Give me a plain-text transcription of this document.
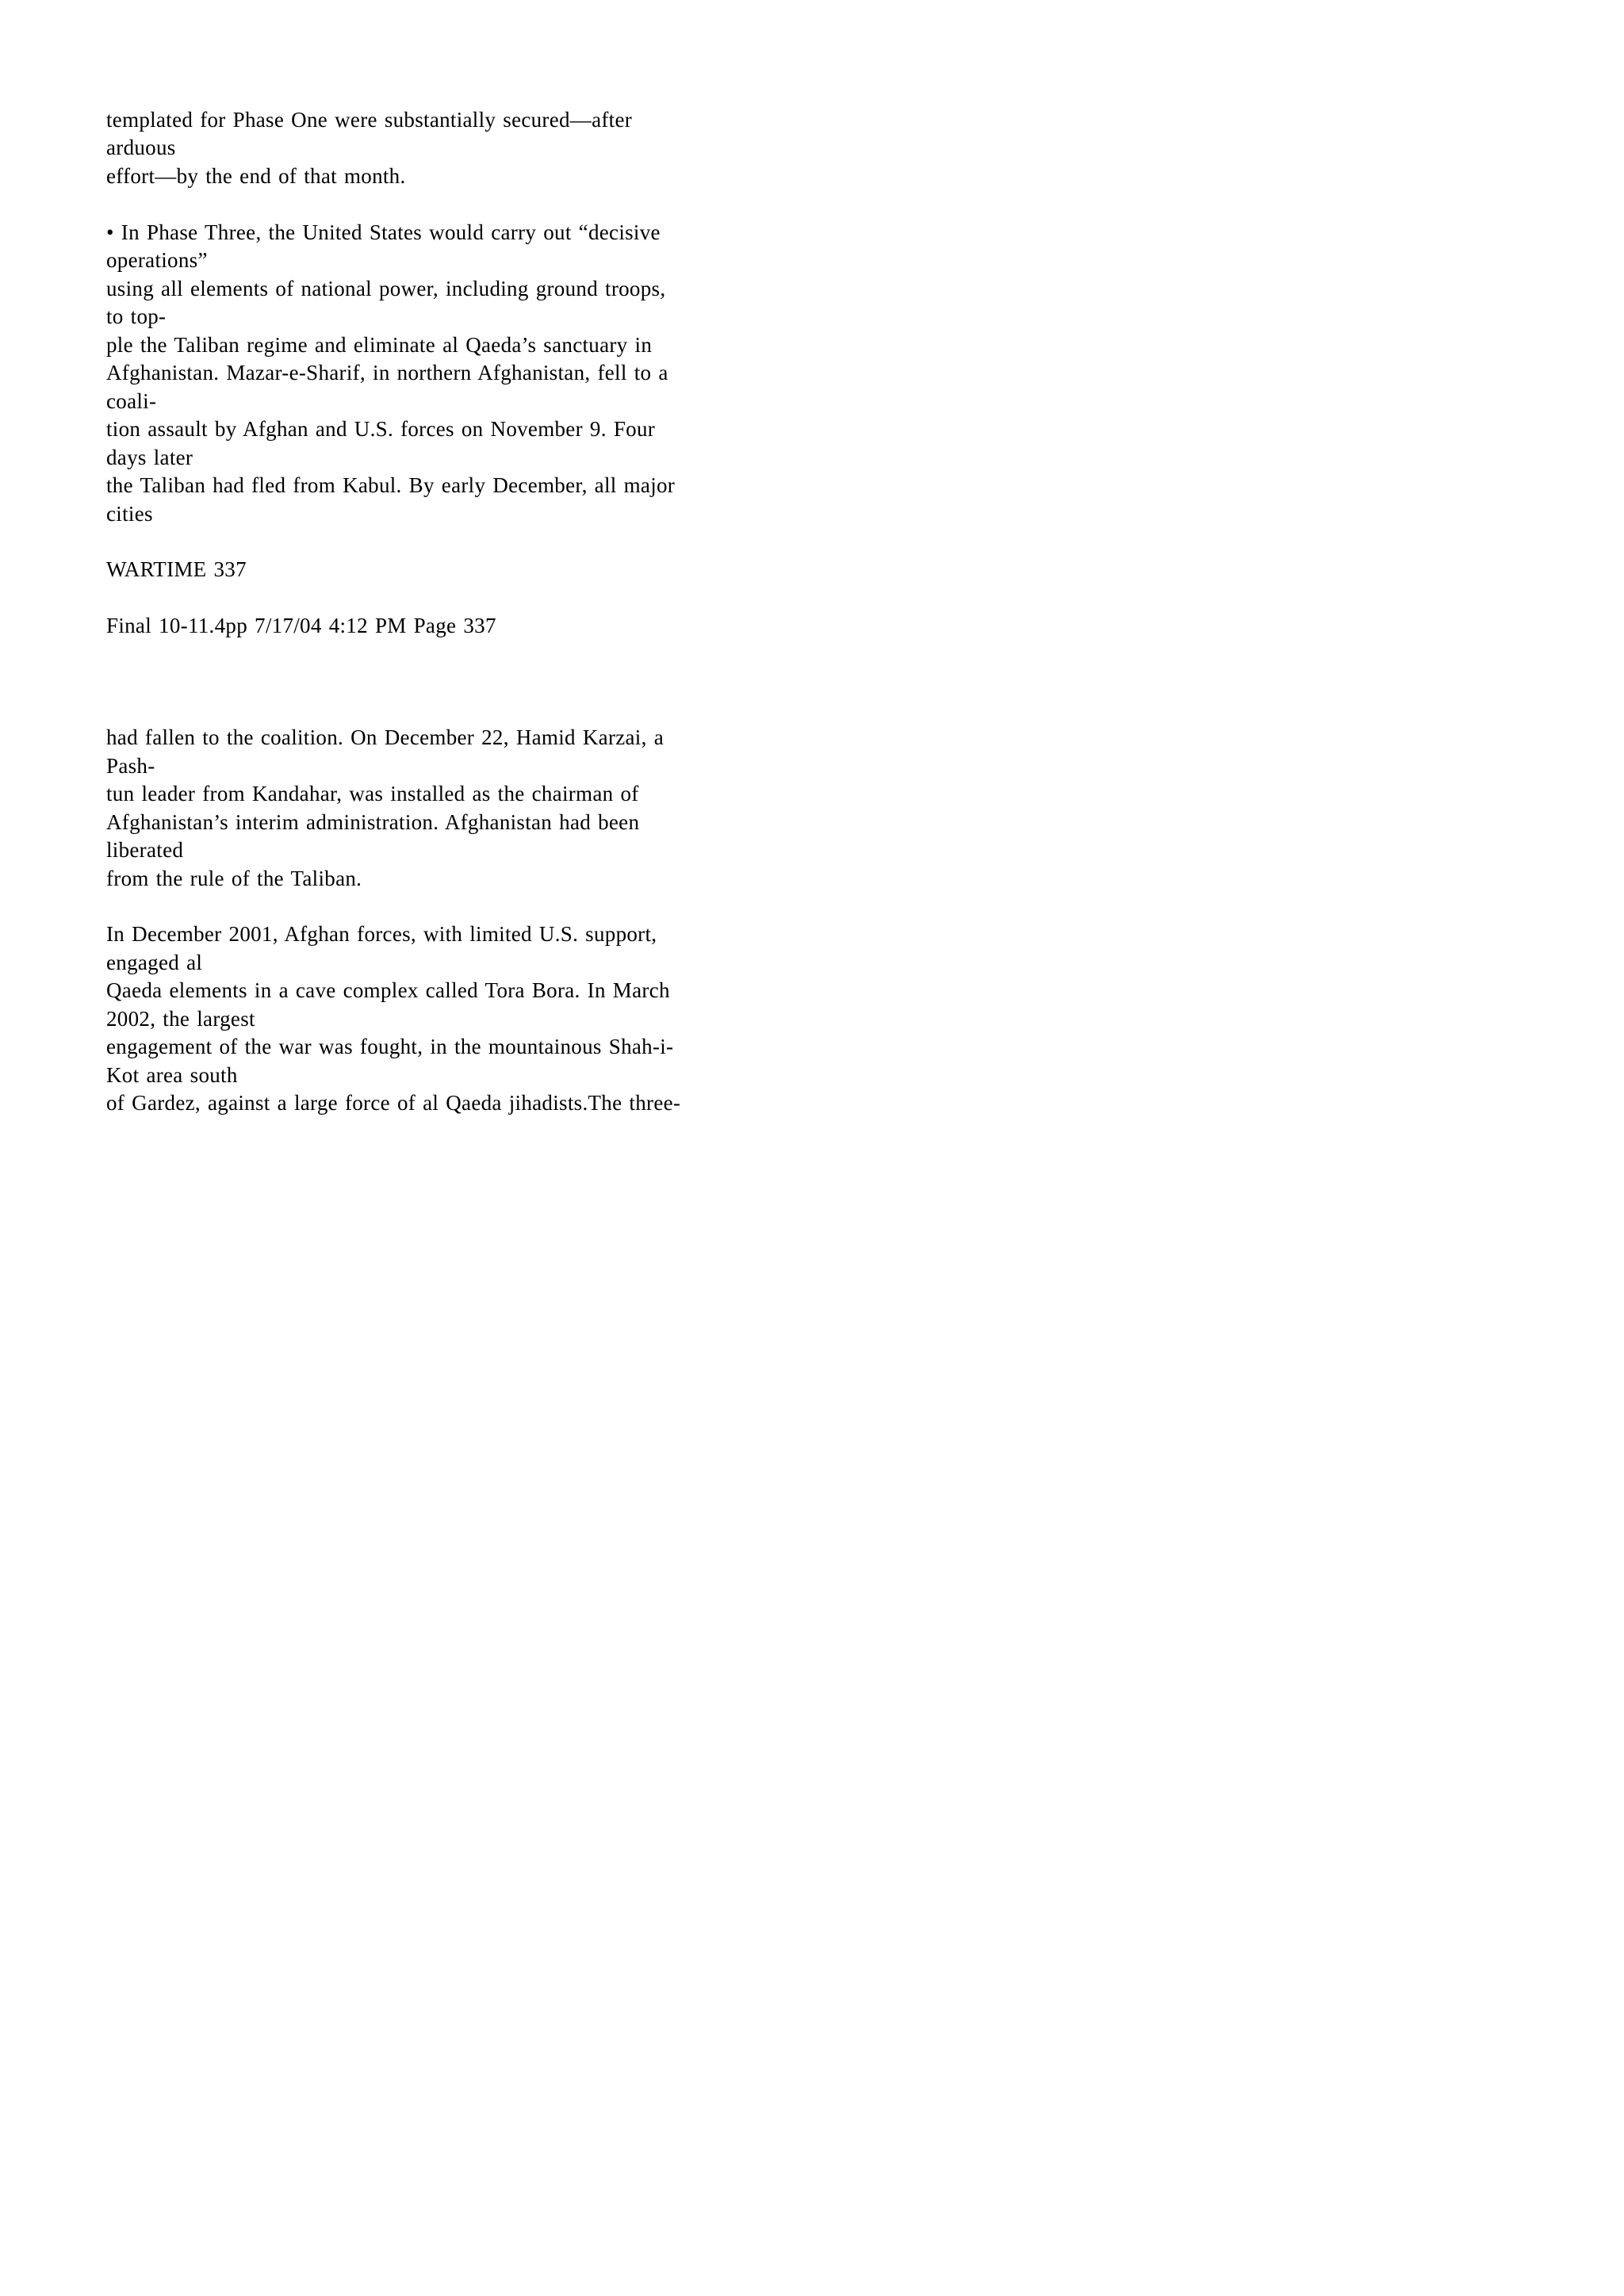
templated for Phase One were substantially secured—after

arduous

effort—by the end of that month.

• In Phase Three, the United States would carry out “decisive

operations”

using all elements of national power, including ground troops,

to top-

ple the Taliban regime and eliminate al Qaeda’s sanctuary in

Afghanistan. Mazar-e-Sharif, in northern Afghanistan, fell to a

coali-

tion assault by Afghan and U.S. forces on November 9. Four

days later

the Taliban had fled from Kabul. By early December, all major

cities

WARTIME 337

Final 10-11.4pp 7/17/04 4:12 PM Page 337

had fallen to the coalition. On December 22, Hamid Karzai, a

Pash-

tun leader from Kandahar, was installed as the chairman of

Afghanistan’s interim administration. Afghanistan had been

liberated

from the rule of the Taliban.

In December 2001, Afghan forces, with limited U.S. support,

engaged al

Qaeda elements in a cave complex called Tora Bora. In March

2002, the largest

engagement of the war was fought, in the mountainous Shah-i-

Kot area south

of Gardez, against a large force of al Qaeda jihadists.The three-
